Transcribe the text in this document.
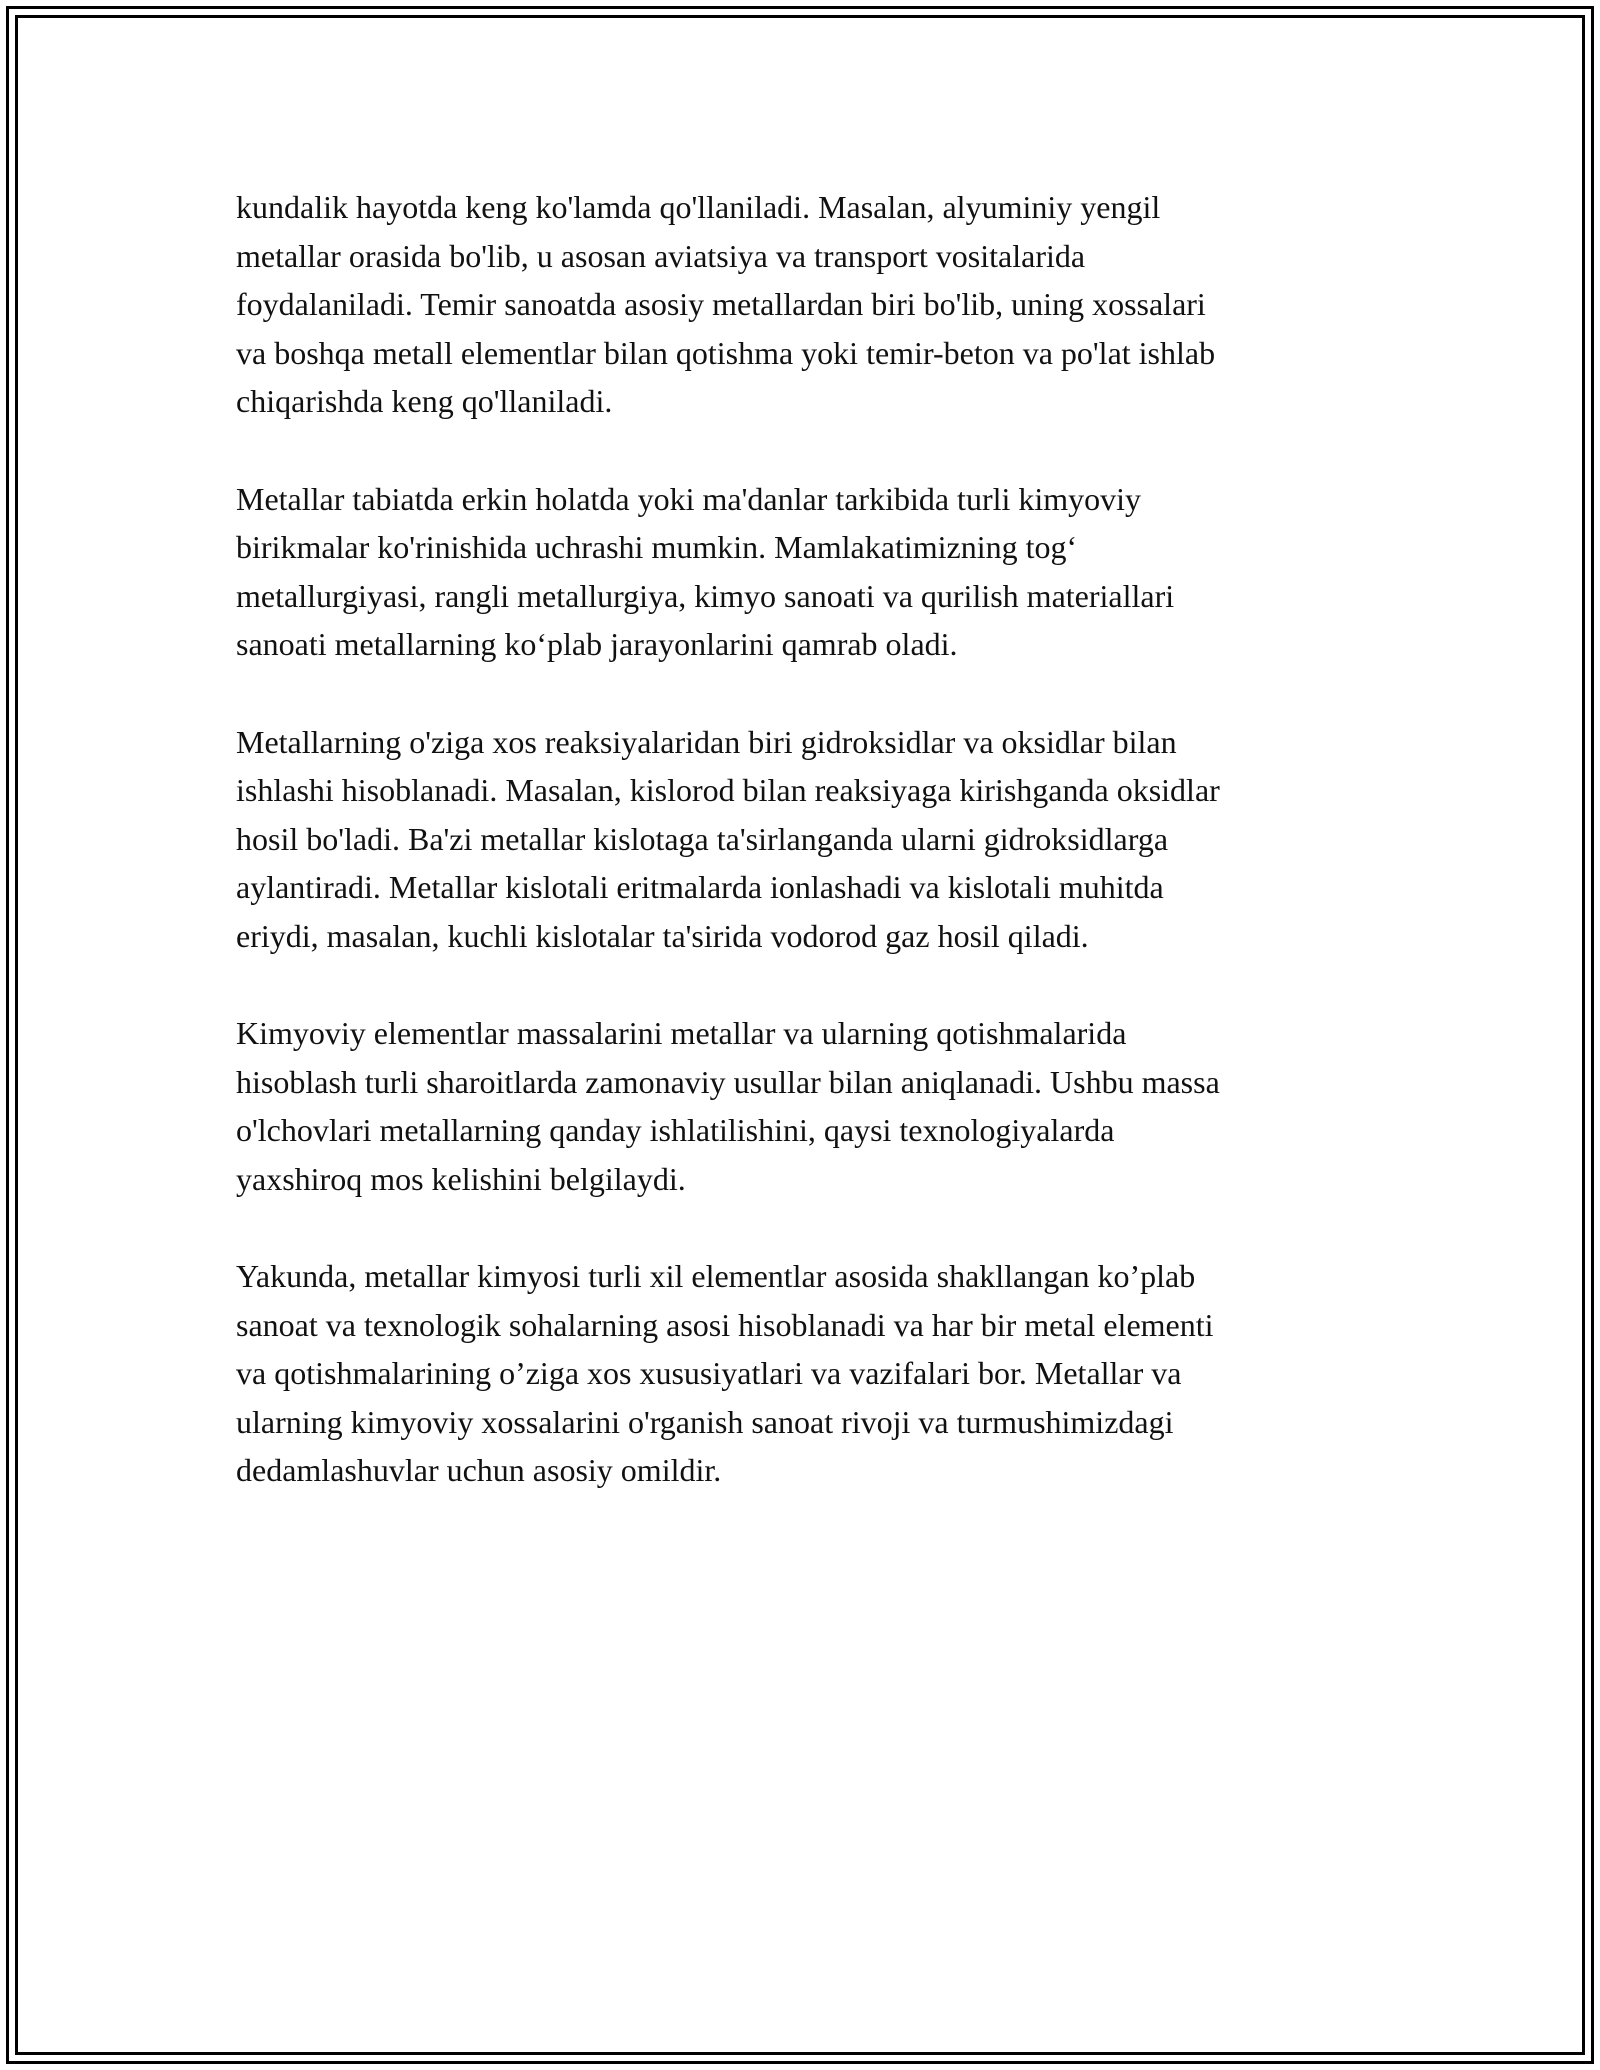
kundalik hayotda keng ko'lamda qo'llaniladi. Masalan, alyuminiy yengil
metallar orasida bo'lib, u asosan aviatsiya va transport vositalarida
foydalaniladi. Temir sanoatda asosiy metallardan biri bo'lib, uning xossalari
va boshqa metall elementlar bilan qotishma yoki temir-beton va po'lat ishlab
chiqarishda keng qo'llaniladi.

Metallar tabiatda erkin holatda yoki ma'danlar tarkibida turli kimyoviy
birikmalar ko'rinishida uchrashi mumkin. Mamlakatimizning tog‘
metallurgiyasi, rangli metallurgiya, kimyo sanoati va qurilish materiallari
sanoati metallarning ko‘plab jarayonlarini qamrab oladi.

Metallarning o'ziga xos reaksiyalaridan biri gidroksidlar va oksidlar bilan
ishlashi hisoblanadi. Masalan, kislorod bilan reaksiyaga kirishganda oksidlar
hosil bo'ladi. Ba'zi metallar kislotaga ta'sirlanganda ularni gidroksidlarga
aylantiradi. Metallar kislotali eritmalarda ionlashadi va kislotali muhitda
eriydi, masalan, kuchli kislotalar ta'sirida vodorod gaz hosil qiladi.

Kimyoviy elementlar massalarini metallar va ularning qotishmalarida
hisoblash turli sharoitlarda zamonaviy usullar bilan aniqlanadi. Ushbu massa
o'lchovlari metallarning qanday ishlatilishini, qaysi texnologiyalarda
yaxshiroq mos kelishini belgilaydi.

Yakunda, metallar kimyosi turli xil elementlar asosida shakllangan ko’plab
sanoat va texnologik sohalarning asosi hisoblanadi va har bir metal elementi
va qotishmalarining o’ziga xos xususiyatlari va vazifalari bor. Metallar va
ularning kimyoviy xossalarini o'rganish sanoat rivoji va turmushimizdagi
dedamlashuvlar uchun asosiy omildir.
